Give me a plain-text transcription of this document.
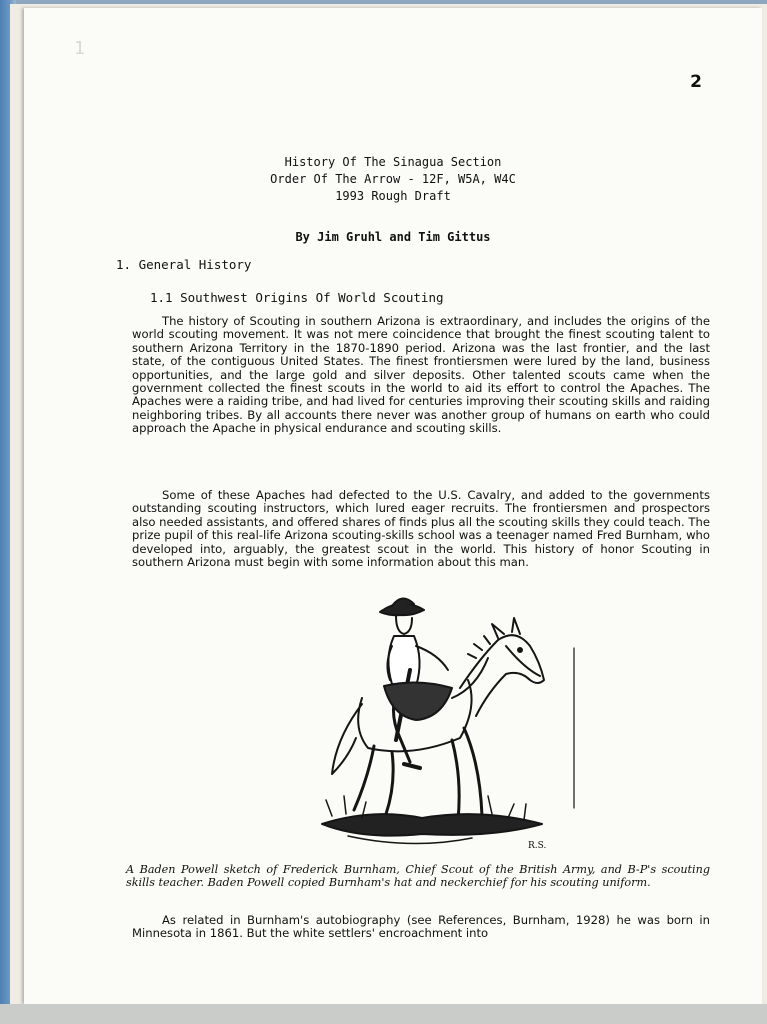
1
2
History Of The Sinagua Section
Order Of The Arrow - 12F, W5A, W4C
1993 Rough Draft
By Jim Gruhl and Tim Gittus
1. General History
1.1 Southwest Origins Of World Scouting
The history of Scouting in southern Arizona is extraordinary, and includes the origins of the world scouting movement. It was not mere coincidence that brought the finest scouting talent to southern Arizona Territory in the 1870-1890 period. Arizona was the last frontier, and the last state, of the contiguous United States. The finest frontiersmen were lured by the land, business opportunities, and the large gold and silver deposits. Other talented scouts came when the government collected the finest scouts in the world to aid its effort to control the Apaches. The Apaches were a raiding tribe, and had lived for centuries improving their scouting skills and raiding neighboring tribes. By all accounts there never was another group of humans on earth who could approach the Apache in physical endurance and scouting skills.
Some of these Apaches had defected to the U.S. Cavalry, and added to the governments outstanding scouting instructors, which lured eager recruits. The frontiersmen and prospectors also needed assistants, and offered shares of finds plus all the scouting skills they could teach. The prize pupil of this real-life Arizona scouting-skills school was a teenager named Fred Burnham, who developed into, arguably, the greatest scout in the world. This history of honor Scouting in southern Arizona must begin with some information about this man.
R.S.
A Baden Powell sketch of Frederick Burnham, Chief Scout of the British Army, and B-P's scouting skills teacher. Baden Powell copied Burnham's hat and neckerchief for his scouting uniform.
As related in Burnham's autobiography (see References, Burnham, 1928) he was born in Minnesota in 1861. But the white settlers' encroachment into
